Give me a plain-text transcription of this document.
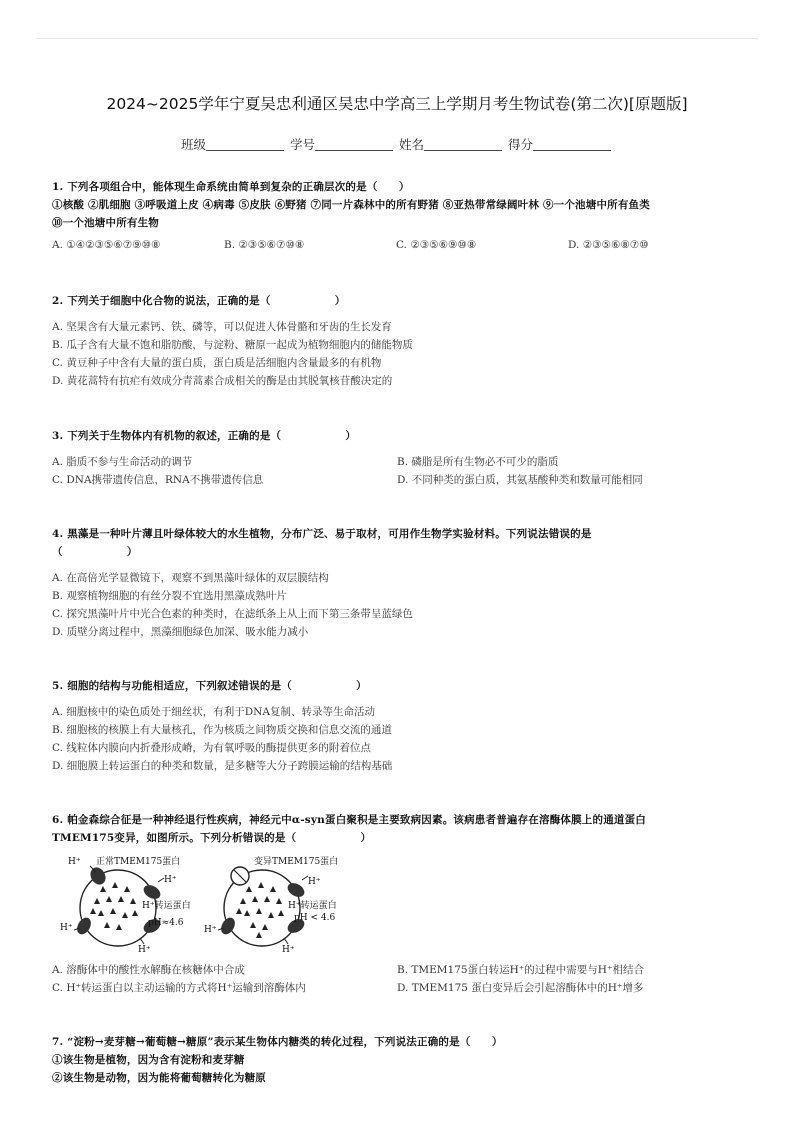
2024~2025学年宁夏吴忠利通区吴忠中学高三上学期月考生物试卷(第二次)[原题版]
班级	学号	姓名	得分
1. 下列各项组合中，能体现生命系统由简单到复杂的正确层次的是（　　）
①核酸 ②肌细胞 ③呼吸道上皮 ④病毒 ⑤皮肤 ⑥野猪 ⑦同一片森林中的所有野猪 ⑧亚热带常绿阔叶林 ⑨一个池塘中所有鱼类
⑩一个池塘中所有生物
A. ①④②③⑤⑥⑦⑨⑩⑧	B. ②③⑤⑥⑦⑩⑧	C. ②③⑤⑥⑨⑩⑧	D. ②③⑤⑥⑧⑦⑩
2. 下列关于细胞中化合物的说法，正确的是（　　　　　　）
A. 坚果含有大量元素钙、铁、磷等，可以促进人体骨骼和牙齿的生长发育
B. 瓜子含有大量不饱和脂肪酸，与淀粉、糖原一起成为植物细胞内的储能物质
C. 黄豆种子中含有大量的蛋白质，蛋白质是活细胞内含量最多的有机物
D. 黄花蒿特有抗疟有效成分青蒿素合成相关的酶是由其脱氧核苷酸决定的
3. 下列关于生物体内有机物的叙述，正确的是（　　　　　　）
A. 脂质不参与生命活动的调节	B. 磷脂是所有生物必不可少的脂质
C. DNA携带遗传信息，RNA不携带遗传信息	D. 不同种类的蛋白质，其氨基酸种类和数量可能相同
4. 黑藻是一种叶片薄且叶绿体较大的水生植物，分布广泛、易于取材，可用作生物学实验材料。下列说法错误的是
（　　　　　　）
A. 在高倍光学显微镜下，观察不到黑藻叶绿体的双层膜结构
B. 观察植物细胞的有丝分裂不宜选用黑藻成熟叶片
C. 探究黑藻叶片中光合色素的种类时，在滤纸条上从上而下第三条带呈蓝绿色
D. 质壁分离过程中，黑藻细胞绿色加深、吸水能力减小
5. 细胞的结构与功能相适应，下列叙述错误的是（　　　　　　）
A. 细胞核中的染色质处于细丝状，有利于DNA复制、转录等生命活动
B. 细胞核的核膜上有大量核孔，作为核质之间物质交换和信息交流的通道
C. 线粒体内膜向内折叠形成嵴，为有氧呼吸的酶提供更多的附着位点
D. 细胞膜上转运蛋白的种类和数量，是多糖等大分子跨膜运输的结构基础
6. 帕金森综合征是一种神经退行性疾病，神经元中α-syn蛋白聚积是主要致病因素。该病患者普遍存在溶酶体膜上的通道蛋白
TMEM175变异，如图所示。下列分析错误的是（　　　　　　）
H⁺ 正常TMEM175蛋白
H⁺
H⁺转运蛋白
pH≈4.6
H⁺
H⁺
变异TMEM175蛋白
H⁺
H⁺转运蛋白
pH < 4.6
H⁺
H⁺
A. 溶酶体中的酸性水解酶在核糖体中合成	B. TMEM175蛋白转运H⁺的过程中需要与H⁺相结合
C. H⁺转运蛋白以主动运输的方式将H⁺运输到溶酶体内	D. TMEM175 蛋白变异后会引起溶酶体中的H⁺增多
7. “淀粉→麦芽糖→葡萄糖→糖原”表示某生物体内糖类的转化过程，下列说法正确的是（　　）
①该生物是植物，因为含有淀粉和麦芽糖
②该生物是动物，因为能将葡萄糖转化为糖原
